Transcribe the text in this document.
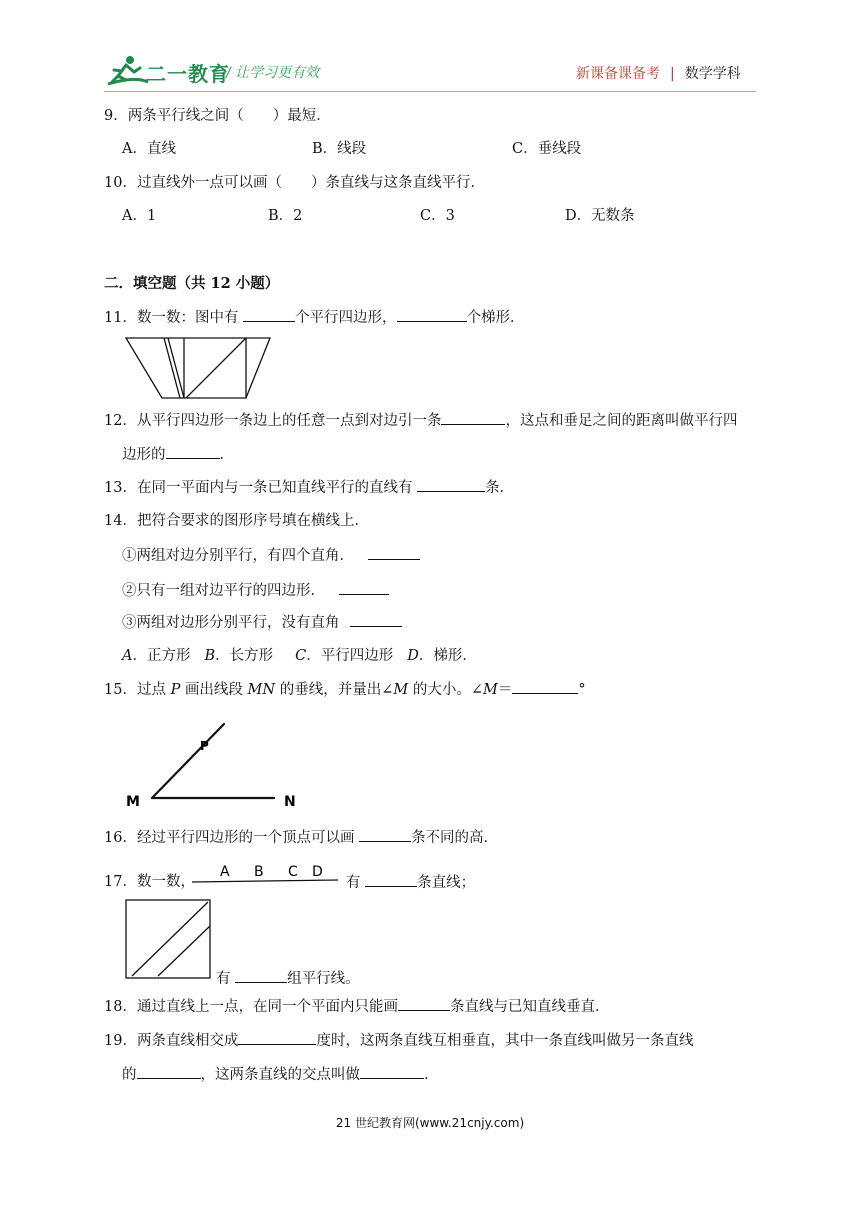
二一教育
/ 让学习更有效	新课备课备考 | 数学学科
9．两条平行线之间（　　）最短．
A．直线	B．线段	C．垂线段
10．过直线外一点可以画（　　）条直线与这条直线平行．
A．1	B．2	C．3	D．无数条
二．填空题（共 12 小题）
11．数一数：图中有	个平行四边形，	个梯形．
12．从平行四边形一条边上的任意一点到对边引一条	，这点和垂足之间的距离叫做平行四
边形的	．
13．在同一平面内与一条已知直线平行的直线有	条．
14．把符合要求的图形序号填在横线上．
①两组对边分别平行，有四个直角．
②只有一组对边平行的四边形．
③两组对边形分别平行，没有直角
A．正方形 B．长方形 C．平行四边形 D．梯形．
15．过点 P 画出线段 MN 的垂线，并量出∠M 的大小。∠M＝	°
P
M	N
16．经过平行四边形的一个顶点可以画	条不同的高．
17．数一数，
A B C D
有	条直线；
有	组平行线。
18．通过直线上一点，在同一个平面内只能画	条直线与已知直线垂直．
19．两条直线相交成	度时，这两条直线互相垂直，其中一条直线叫做另一条直线
的	，这两条直线的交点叫做	．
21 世纪教育网(www.21cnjy.com)
